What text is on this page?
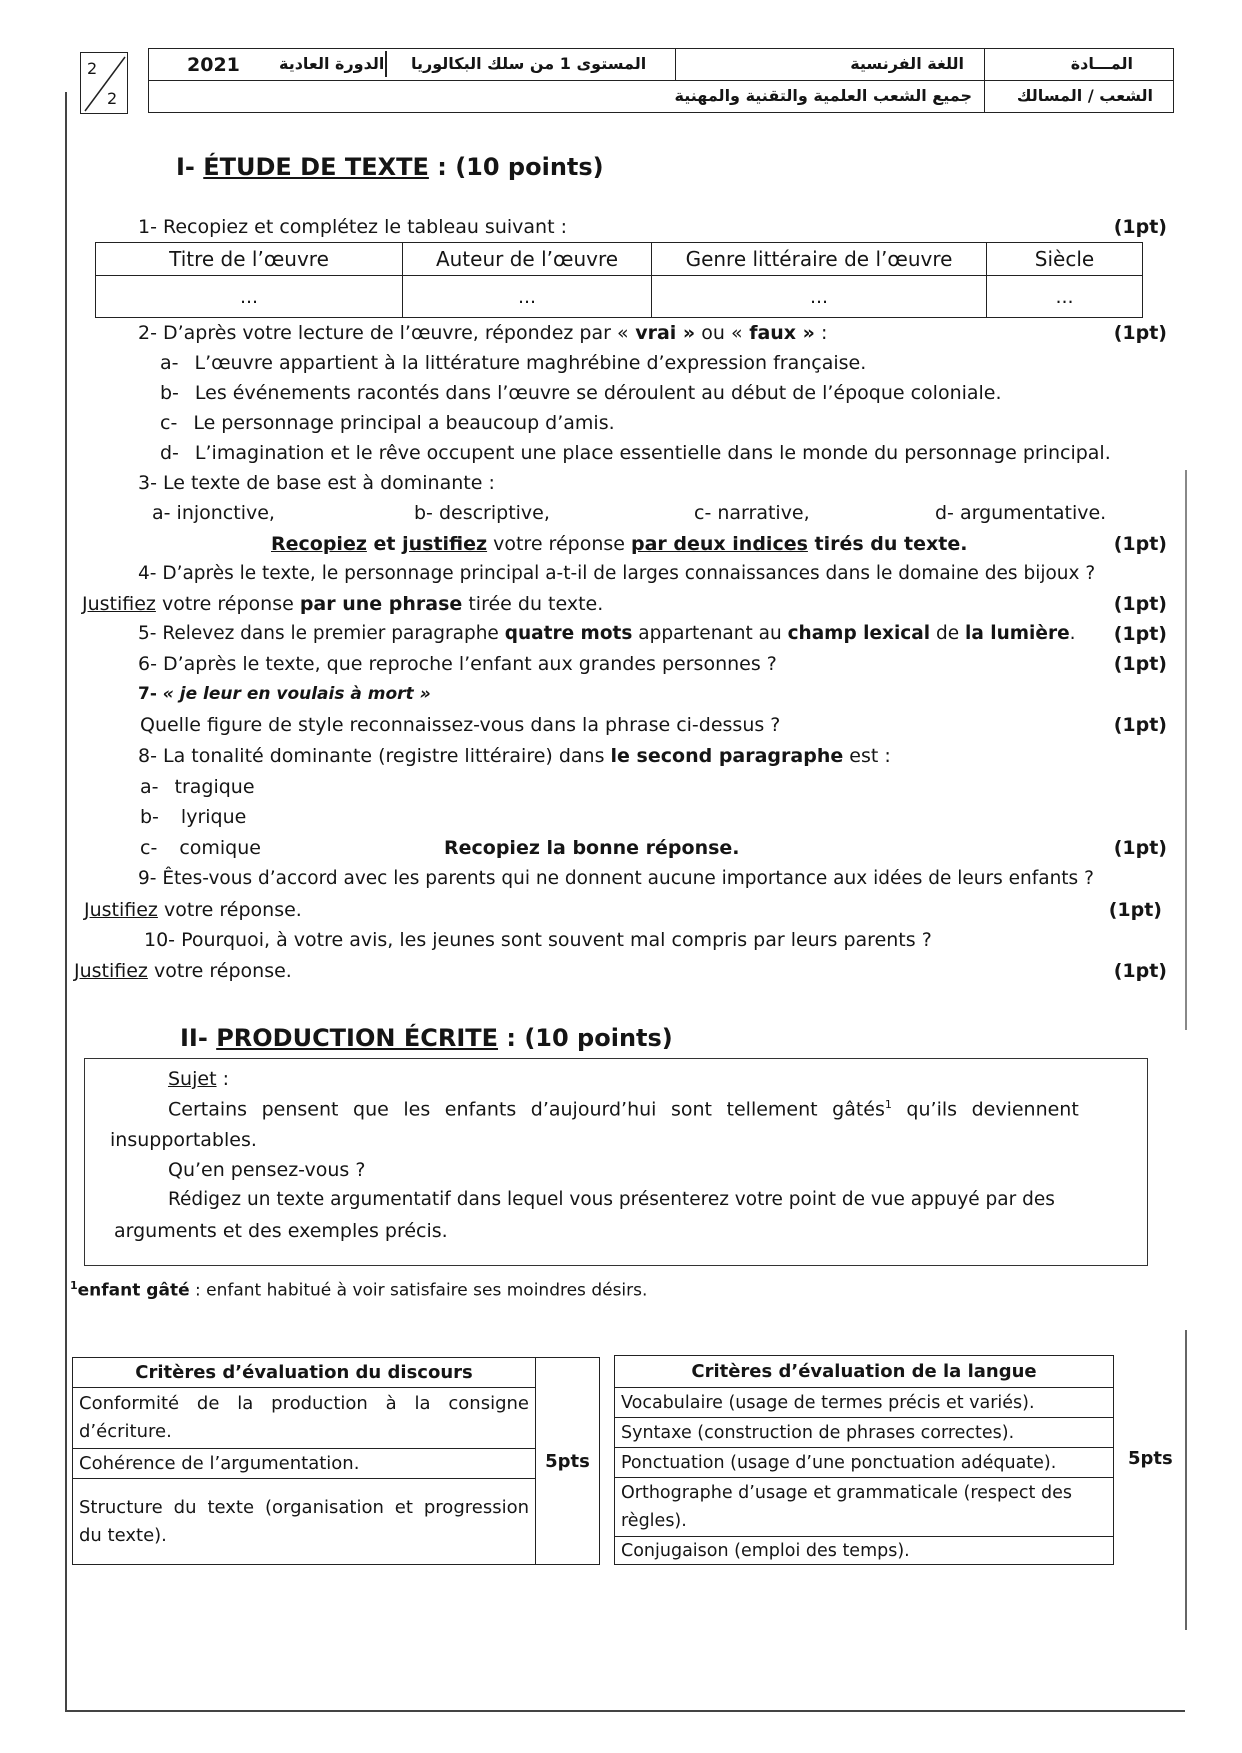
2
2
2021 الدورة العادية المستوى 1 من سلك البكالوريا	اللغة الفرنسية	المـــادة
جميع الشعب العلمية والتقنية والمهنية	الشعب / المسالك
I- ÉTUDE DE TEXTE : (10 points)
1- Recopiez et complétez le tableau suivant :	(1pt)
Titre de l’œuvre	Auteur de l’œuvre	Genre littéraire de l’œuvre	Siècle
...	...	...	...
2- D’après votre lecture de l’œuvre, répondez par « vrai » ou « faux » :	(1pt)
a- L’œuvre appartient à la littérature maghrébine d’expression française.
b- Les événements racontés dans l’œuvre se déroulent au début de l’époque coloniale.
c- Le personnage principal a beaucoup d’amis.
d- L’imagination et le rêve occupent une place essentielle dans le monde du personnage principal.
3- Le texte de base est à dominante :
a- injonctive,	b- descriptive,	c- narrative,	d- argumentative.
Recopiez et justifiez votre réponse par deux indices tirés du texte.	(1pt)
4- D’après le texte, le personnage principal a-t-il de larges connaissances dans le domaine des bijoux ?
Justifiez votre réponse par une phrase tirée du texte.	(1pt)
5- Relevez dans le premier paragraphe quatre mots appartenant au champ lexical de la lumière. (1pt)
6- D’après le texte, que reproche l’enfant aux grandes personnes ?	(1pt)
7- « je leur en voulais à mort »
Quelle figure de style reconnaissez-vous dans la phrase ci-dessus ?	(1pt)
8- La tonalité dominante (registre littéraire) dans le second paragraphe est :
a- tragique
b- lyrique
c- comique	Recopiez la bonne réponse.	(1pt)
9- Êtes-vous d’accord avec les parents qui ne donnent aucune importance aux idées de leurs enfants ?
Justifiez votre réponse.	(1pt)
10- Pourquoi, à votre avis, les jeunes sont souvent mal compris par leurs parents ?
Justifiez votre réponse.	(1pt)
II- PRODUCTION ÉCRITE : (10 points)
Sujet :
Certains pensent que les enfants d’aujourd’hui sont tellement gâtés$^1$ qu’ils deviennent
insupportables.
Qu’en pensez-vous ?
Rédigez un texte argumentatif dans lequel vous présenterez votre point de vue appuyé par des
arguments et des exemples précis.
$^1$enfant gâté : enfant habitué à voir satisfaire ses moindres désirs.
Critères d’évaluation du discours	5pts
Conformité de la production à la consigne d’écriture.
Cohérence de l’argumentation.
Structure du texte (organisation et progression du texte).
Critères d’évaluation de la langue
Vocabulaire (usage de termes précis et variés).
Syntaxe (construction de phrases correctes).
Ponctuation (usage d’une ponctuation adéquate).
Orthographe d’usage et grammaticale (respect des règles).
Conjugaison (emploi des temps).
5pts
